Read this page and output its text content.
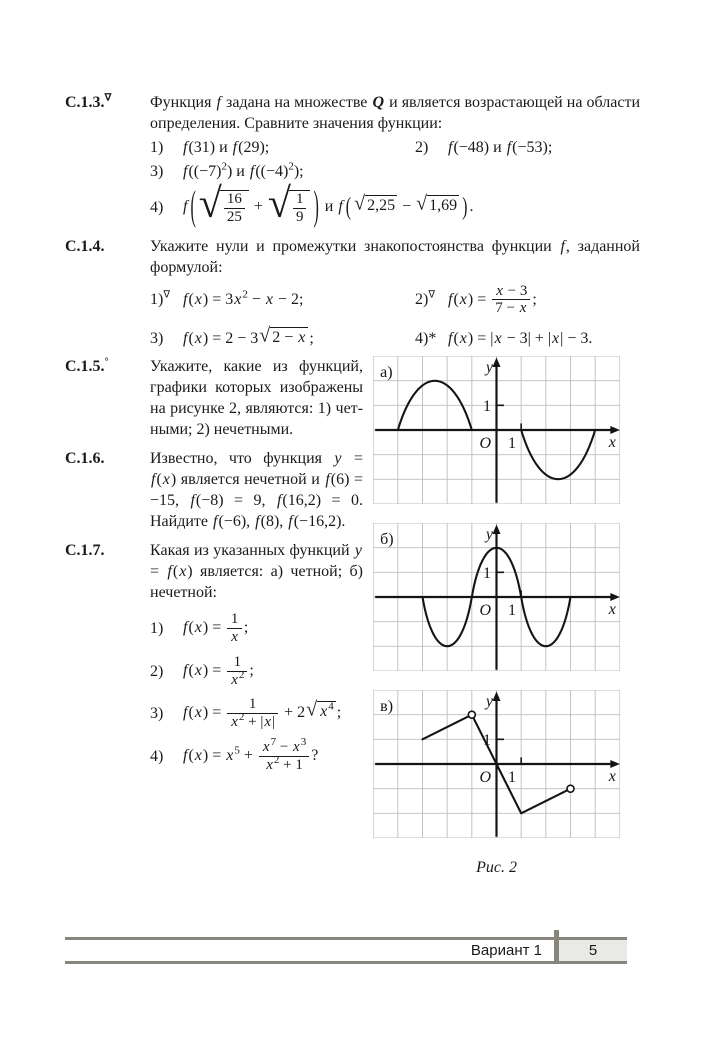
С.1.3.∇	Функция f задана на множестве Q и является возрастающей на области определения. Сравните значения функции:

1)	f(31) и f(29);	2)	f(−48) и f(−53);
3)	$f((-7)^2)$ и $f((-4)^2)$;
4)	f ( √ $\frac{16}{25}$ + √ $\frac{1}{9}$ ) и f ( √ 2,25 − √ 1,69 ) .
С.1.4.	Укажите нули и промежутки знакопостоянства функции f, заданной формулой:

1)∇ $f(x) = 3x^2 - x - 2$;	2)∇ $f(x) = \frac{x - 3}{7 - x}$ ;
3)	f(x) = 2 − 3 √ 2 − x ;	4)* f(x) = |x − 3| + |x| − 3.
С.1.5.°	Укажите, какие из функций, графики которых изображены на рисунке 2, являются: 1) четными; 2) нечетными.

С.1.6.	Известно, что функция y = f(x) является нечетной и f(6) = −15, f(−8) = 9, f(16,2) = 0. Найдите f(−6), f(8), f(−16,2).

С.1.7.	Какая из указанных функций y = f(x) является: а) четной; б) нечетной:

1)	$f(x) = \frac{1}{x}$ ;
2)	$f(x) = \frac{1}{x^2}$ ;
3)	$f(x) = \frac{1}{x^2 + |x|} + 2$ √ $x^4$ ;
4)	$f(x) = x^5 + \frac{x^7 - x^3}{x^2 + 1}$ ?
а)	y
x
O
1
1
б)	y
x
O
1
1
в)	y
x
O
1
1
Рис. 2
Вариант 1	5
